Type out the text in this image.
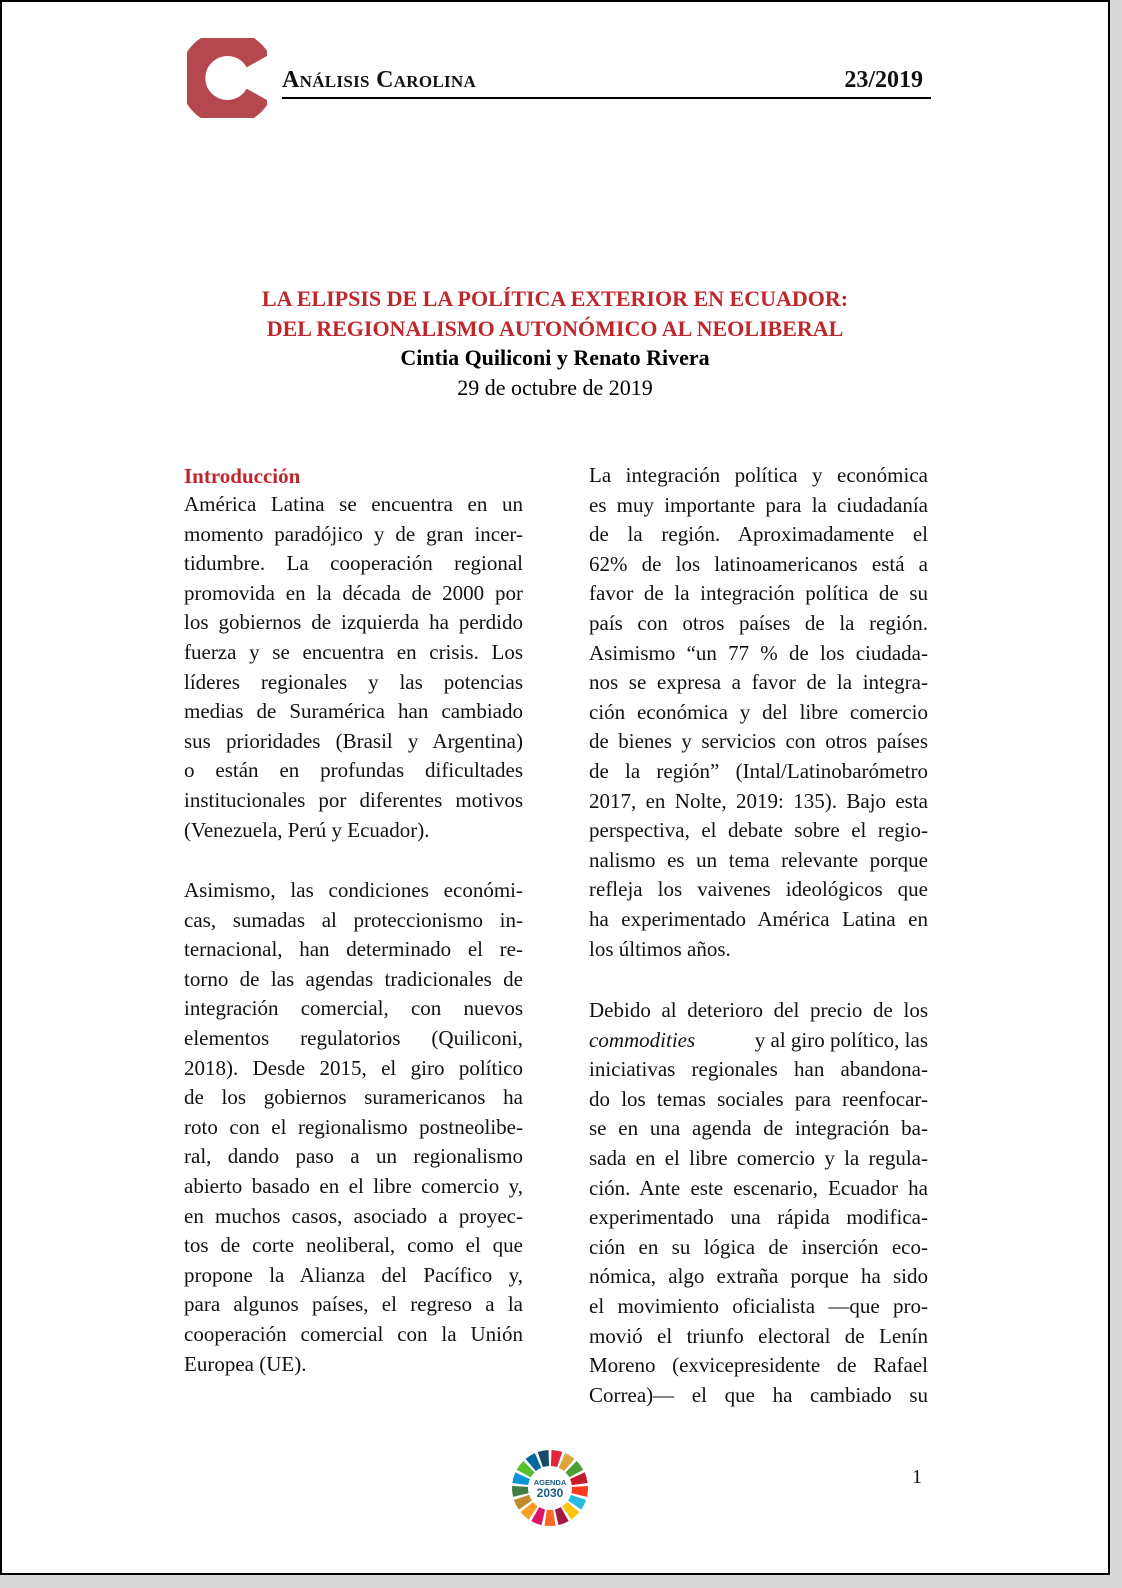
Análisis Carolina	23/2019
LA ELIPSIS DE LA POLÍTICA EXTERIOR EN ECUADOR:
DEL REGIONALISMO AUTONÓMICO AL NEOLIBERAL
Cintia Quiliconi y Renato Rivera
29 de octubre de 2019
Introducción
América Latina se encuentra en un
momento paradójico y de gran incer-
tidumbre. La cooperación regional
promovida en la década de 2000 por
los gobiernos de izquierda ha perdido
fuerza y se encuentra en crisis. Los
líderes regionales y las potencias
medias de Suramérica han cambiado
sus prioridades (Brasil y Argentina)
o están en profundas dificultades
institucionales por diferentes motivos
(Venezuela, Perú y Ecuador).
Asimismo, las condiciones económi-
cas, sumadas al proteccionismo in-
ternacional, han determinado el re-
torno de las agendas tradicionales de
integración comercial, con nuevos
elementos regulatorios (Quiliconi,
2018). Desde 2015, el giro político
de los gobiernos suramericanos ha
roto con el regionalismo postneolibe-
ral, dando paso a un regionalismo
abierto basado en el libre comercio y,
en muchos casos, asociado a proyec-
tos de corte neoliberal, como el que
propone la Alianza del Pacífico y,
para algunos países, el regreso a la
cooperación comercial con la Unión
Europea (UE).
La integración política y económica
es muy importante para la ciudadanía
de la región. Aproximadamente el
62% de los latinoamericanos está a
favor de la integración política de su
país con otros países de la región.
Asimismo “un 77 % de los ciudada-
nos se expresa a favor de la integra-
ción económica y del libre comercio
de bienes y servicios con otros países
de la región” (Intal/Latinobarómetro
2017, en Nolte, 2019: 135). Bajo esta
perspectiva, el debate sobre el regio-
nalismo es un tema relevante porque
refleja los vaivenes ideológicos que
ha experimentado América Latina en
los últimos años.
Debido al deterioro del precio de los
commodities	y al giro político, las
iniciativas regionales han abandona-
do los temas sociales para reenfocar-
se en una agenda de integración ba-
sada en el libre comercio y la regula-
ción. Ante este escenario, Ecuador ha
experimentado una rápida modifica-
ción en su lógica de inserción eco-
nómica, algo extraña porque ha sido
el movimiento oficialista —que pro-
movió el triunfo electoral de Lenín
Moreno (exvicepresidente de Rafael
Correa)— el que ha cambiado su
AGENDA
2030
1
